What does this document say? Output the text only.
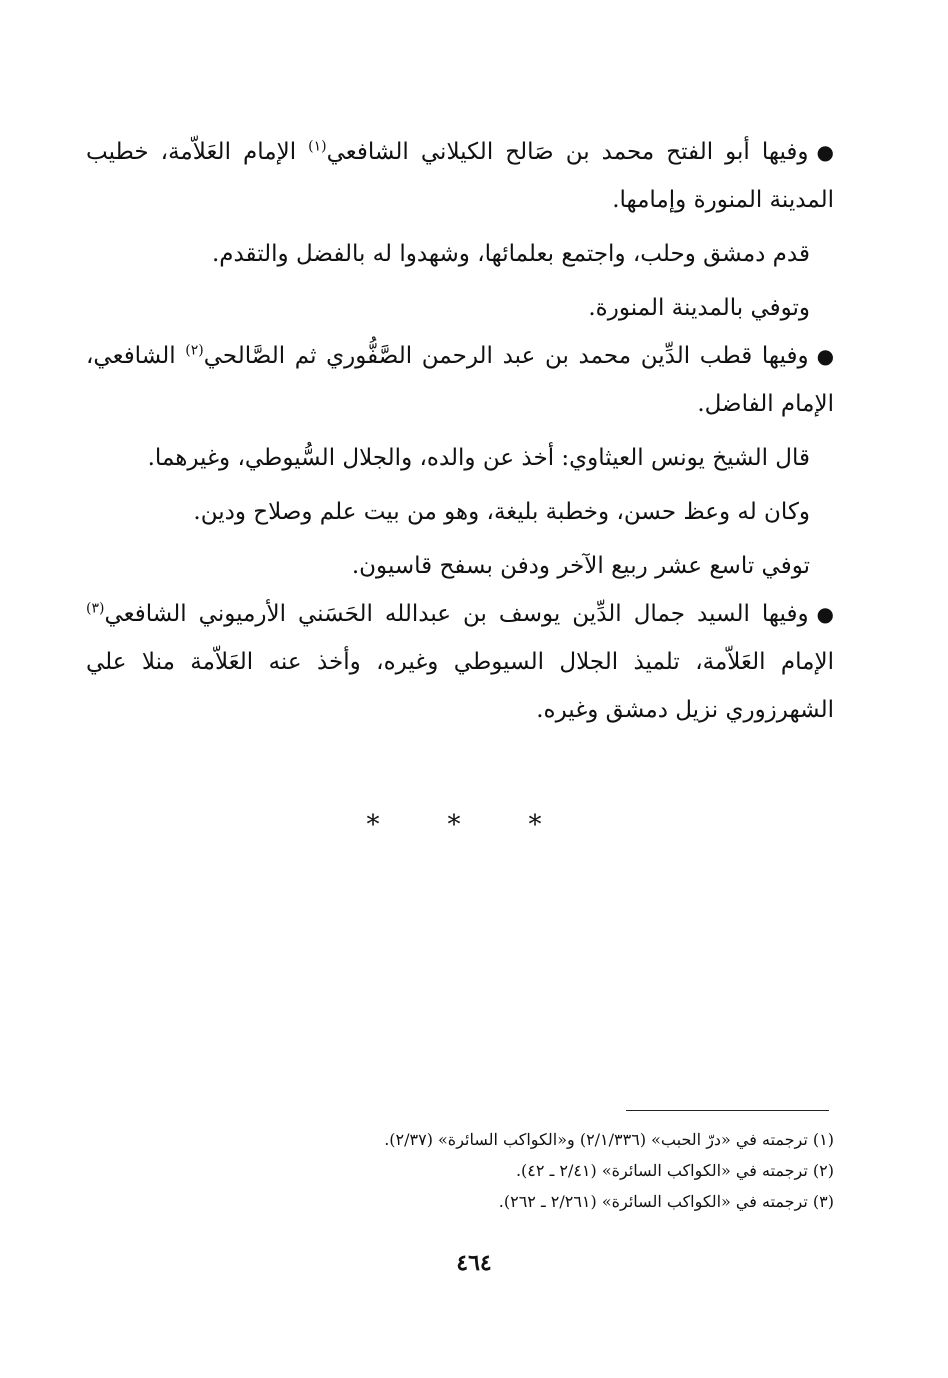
●وفيها أبو الفتح محمد بن صَالح الكيلاني الشافعي$^{(١)}$ الإمام العَلاّمة، خطيب المدينة المنورة وإمامها.

قدم دمشق وحلب، واجتمع بعلمائها، وشهدوا له بالفضل والتقدم.

وتوفي بالمدينة المنورة.

●وفيها قطب الدِّين محمد بن عبد الرحمن الصَّفُّوري ثم الصَّالحي$^{(٢)}$ الشافعي، الإمام الفاضل.

قال الشيخ يونس العيثاوي: أخذ عن والده، والجلال السُّيوطي، وغيرهما.

وكان له وعظ حسن، وخطبة بليغة، وهو من بيت علم وصلاح ودين.

توفي تاسع عشر ربيع الآخر ودفن بسفح قاسيون.

●وفيها السيد جمال الدِّين يوسف بن عبدالله الحَسَني الأرميوني الشافعي$^{(٣)}$ الإمام العَلاّمة، تلميذ الجلال السيوطي وغيره، وأخذ عنه العَلاّمة منلا علي الشهرزوري نزيل دمشق وغيره.

***

(١) ترجمته في «درّ الحبب» (٢/١/٣٣٦) و«الكواكب السائرة» (٢/٣٧).

(٢) ترجمته في «الكواكب السائرة» (٢/٤١ ـ ٤٢).

(٣) ترجمته في «الكواكب السائرة» (٢/٢٦١ ـ ٢٦٢).

٤٦٤
